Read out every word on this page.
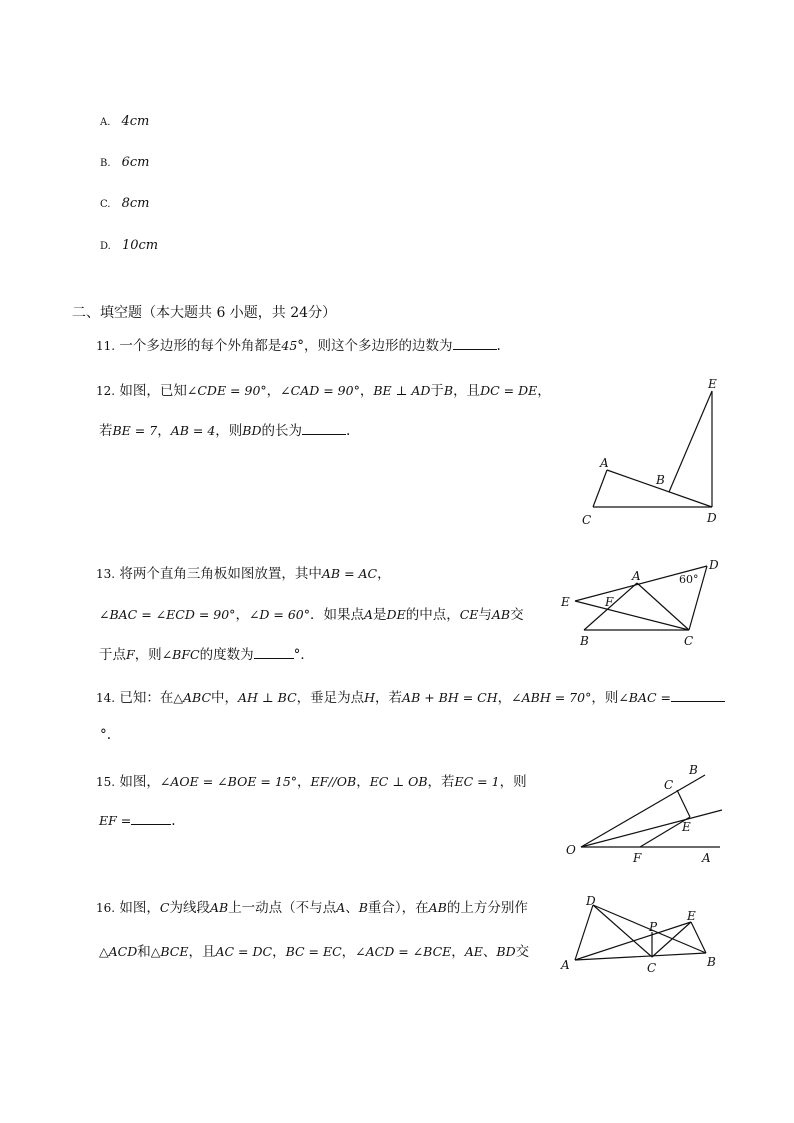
A. 4cm
B. 6cm
C. 8cm
D. 10cm
二、填空题（本大题共 6 小题，共 24分）
11. 一个多边形的每个外角都是45°，则这个多边形的边数为	.
12. 如图，已知∠CDE = 90°，∠CAD = 90°，BE ⊥ AD于B，且DC = DE，
若BE = 7，AB = 4，则BD的长为	.
E
A
B
C	D
13. 将两个直角三角板如图放置，其中AB = AC，
∠BAC = ∠ECD = 90°，∠D = 60°．如果点A是DE的中点，CE与AB交
于点F，则∠BFC的度数为	°．
D
A
E	F
B	C
60°
14. 已知：在△ABC中，AH ⊥ BC，垂足为点H，若AB + BH = CH，∠ABH = 70°，则∠BAC =
°.
15. 如图，∠AOE = ∠BOE = 15°，EF//OB，EC ⊥ OB，若EC = 1，则
EF =	.
B
C
E
O
F	A
16. 如图，C为线段AB上一动点（不与点A、B重合），在AB的上方分别作
△ACD和△BCE，且AC = DC，BC = EC，∠ACD = ∠BCE，AE、BD交
D
P
E
A	C	B
